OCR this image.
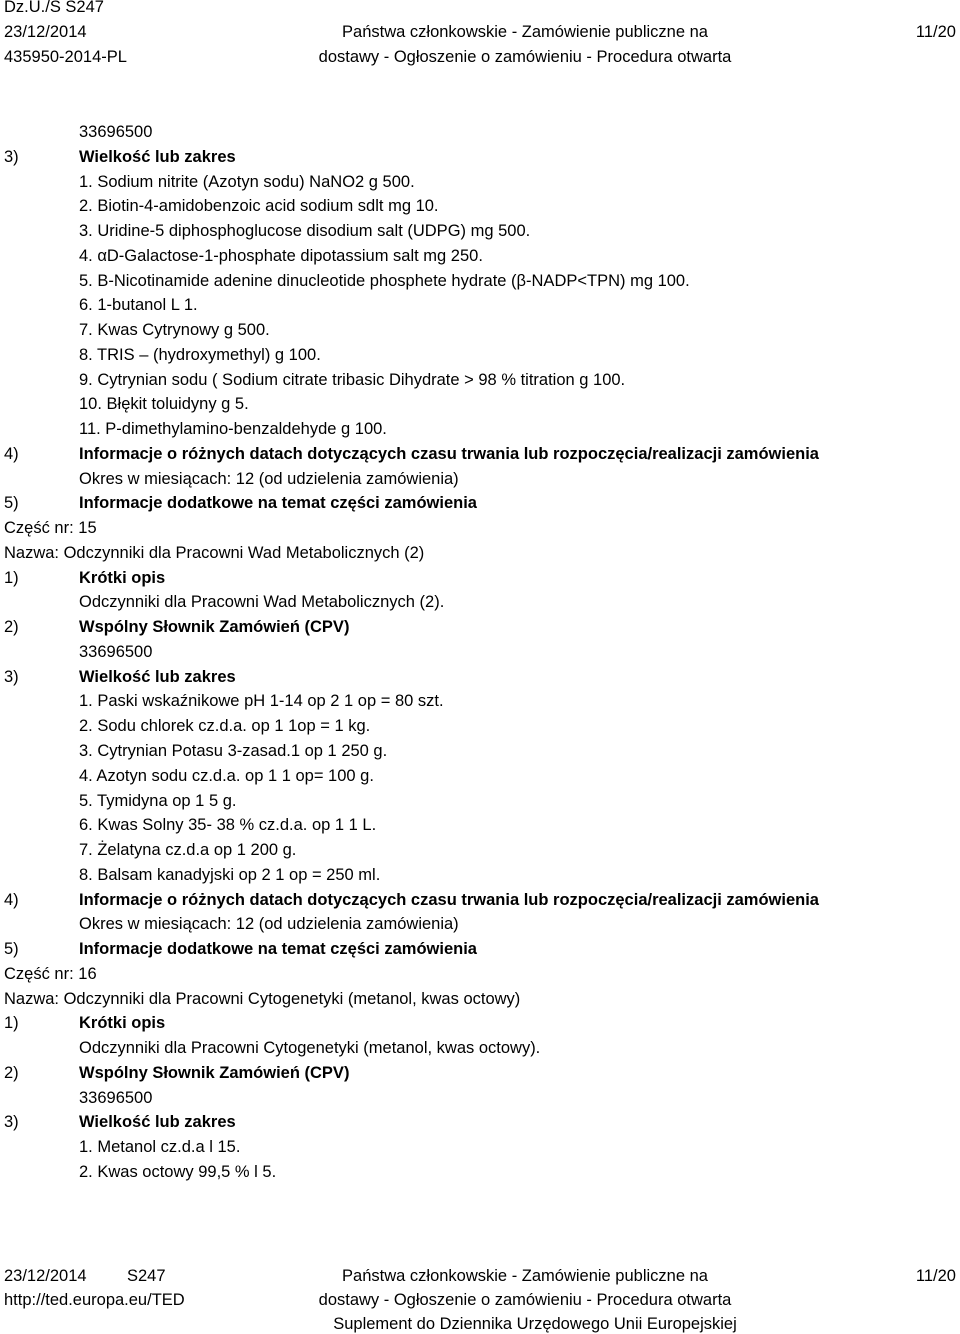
Dz.U./S S247
23/12/2014
435950-2014-PL
Państwa członkowskie - Zamówienie publiczne na
dostawy - Ogłoszenie o zamówieniu - Procedura otwarta
11/20
33696500
3)	Wielkość lub zakres
1. Sodium nitrite (Azotyn sodu) NaNO2 g 500.
2. Biotin-4-amidobenzoic acid sodium sdlt mg 10.
3. Uridine-5 diphosphoglucose disodium salt (UDPG) mg 500.
4. αD-Galactose-1-phosphate dipotassium salt mg 250.
5. B-Nicotinamide adenine dinucleotide phosphete hydrate (β-NADP<TPN) mg 100.
6. 1-butanol L 1.
7. Kwas Cytrynowy g 500.
8. TRIS – (hydroxymethyl) g 100.
9. Cytrynian sodu ( Sodium citrate tribasic Dihydrate > 98 % titration g 100.
10. Błękit toluidyny g 5.
11. P-dimethylamino-benzaldehyde g 100.
4)	Informacje o różnych datach dotyczących czasu trwania lub rozpoczęcia/realizacji zamówienia
Okres w miesiącach: 12 (od udzielenia zamówienia)
5)	Informacje dodatkowe na temat części zamówienia
Część nr: 15
Nazwa: Odczynniki dla Pracowni Wad Metabolicznych (2)
1)	Krótki opis
Odczynniki dla Pracowni Wad Metabolicznych (2).
2)	Wspólny Słownik Zamówień (CPV)
33696500
3)	Wielkość lub zakres
1. Paski wskaźnikowe pH 1-14 op 2 1 op = 80 szt.
2. Sodu chlorek cz.d.a. op 1 1op = 1 kg.
3. Cytrynian Potasu 3-zasad.1 op 1 250 g.
4. Azotyn sodu cz.d.a. op 1 1 op= 100 g.
5. Tymidyna op 1 5 g.
6. Kwas Solny 35- 38 % cz.d.a. op 1 1 L.
7. Żelatyna cz.d.a op 1 200 g.
8. Balsam kanadyjski op 2 1 op = 250 ml.
4)	Informacje o różnych datach dotyczących czasu trwania lub rozpoczęcia/realizacji zamówienia
Okres w miesiącach: 12 (od udzielenia zamówienia)
5)	Informacje dodatkowe na temat części zamówienia
Część nr: 16
Nazwa: Odczynniki dla Pracowni Cytogenetyki (metanol, kwas octowy)
1)	Krótki opis
Odczynniki dla Pracowni Cytogenetyki (metanol, kwas octowy).
2)	Wspólny Słownik Zamówień (CPV)
33696500
3)	Wielkość lub zakres
1. Metanol cz.d.a l 15.
2. Kwas octowy 99,5 % l 5.
23/12/2014 S247
http://ted.europa.eu/TED
Państwa członkowskie - Zamówienie publiczne na
dostawy - Ogłoszenie o zamówieniu - Procedura otwarta
Suplement do Dziennika Urzędowego Unii Europejskiej
11/20
